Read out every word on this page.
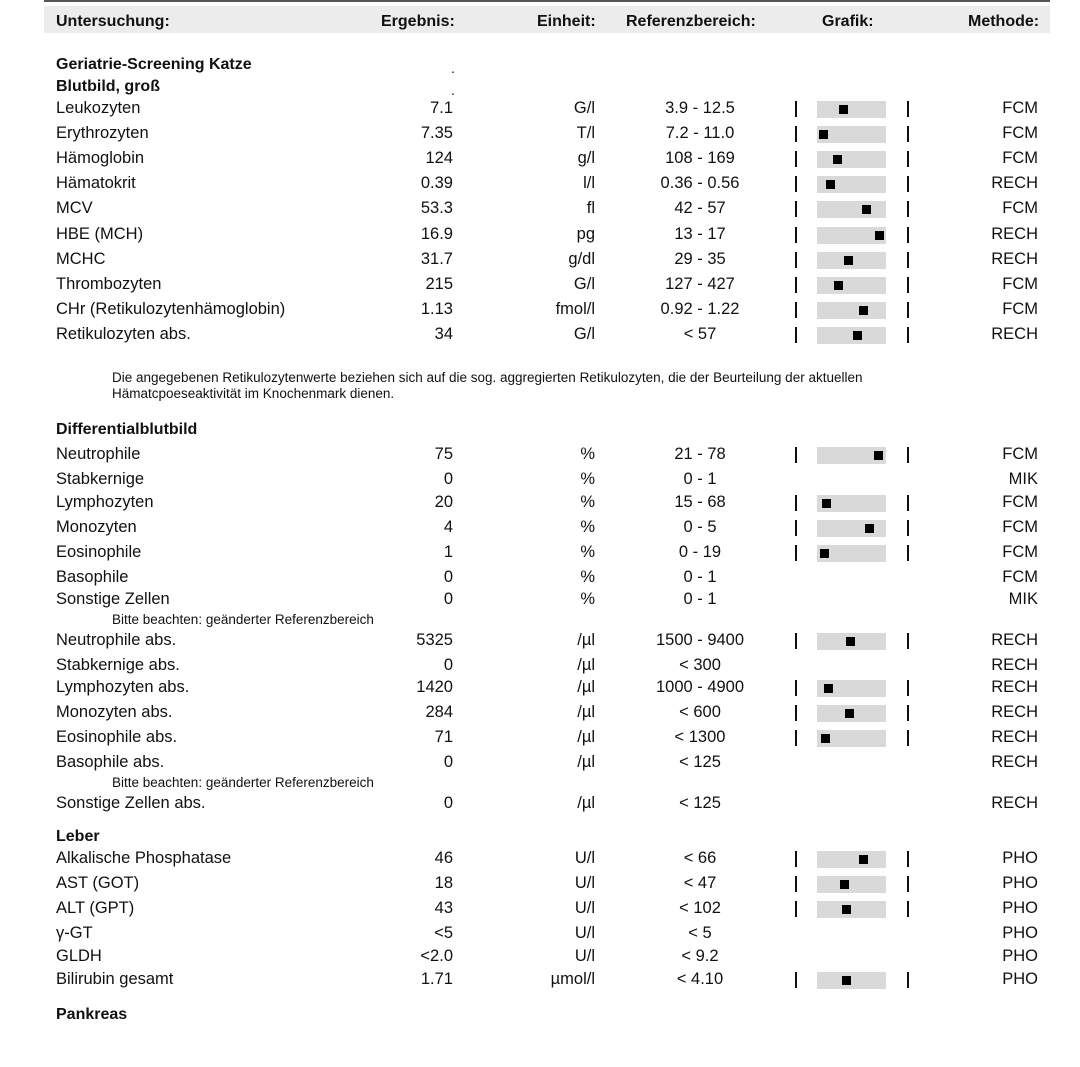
Untersuchung:	Ergebnis:	Einheit: Referenzbereich:	Grafik:	Methode:
Geriatrie-Screening Katze	.
Blutbild, groß	.
Leukozyten	7.1	G/l	3.9 - 12.5	FCM
Erythrozyten	7.35	T/l	7.2 - 11.0	FCM
Hämoglobin	124	g/l	108 - 169	FCM
Hämatokrit	0.39	l/l	0.36 - 0.56	RECH
MCV	53.3	fl	42 - 57	FCM
HBE (MCH)	16.9	pg	13 - 17	RECH
MCHC	31.7	g/dl	29 - 35	RECH
Thrombozyten	215	G/l	127 - 427	FCM
CHr (Retikulozytenhämoglobin)	1.13	fmol/l	0.92 - 1.22	FCM
Retikulozyten abs.	34	G/l	< 57	RECH
Neutrophile	75	%	21 - 78	FCM
Stabkernige	0	%	0 - 1	MIK
Lymphozyten	20	%	15 - 68	FCM
Monozyten	4	%	0 - 5	FCM
Eosinophile	1	%	0 - 19	FCM
Basophile	0	%	0 - 1	FCM
Sonstige Zellen	0	%	0 - 1	MIK
Neutrophile abs.	5325	/µl	1500 - 9400	RECH
Stabkernige abs.	0	/µl	< 300	RECH
Lymphozyten abs.	1420	/µl	1000 - 4900	RECH
Monozyten abs.	284	/µl	< 600	RECH
Eosinophile abs.	71	/µl	< 1300	RECH
Basophile abs.	0	/µl	< 125	RECH
Sonstige Zellen abs.	0	/µl	< 125	RECH
Alkalische Phosphatase	46	U/l	< 66	PHO
AST (GOT)	18	U/l	< 47	PHO
ALT (GPT)	43	U/l	< 102	PHO
γ-GT	<5	U/l	< 5	PHO
GLDH	<2.0	U/l	< 9.2	PHO
Bilirubin gesamt	1.71	µmol/l	< 4.10	PHO
Die angegebenen Retikulozytenwerte beziehen sich auf die sog. aggregierten Retikulozyten, die der Beurteilung der aktuellen
Hämatcpoeseaktivität im Knochenmark dienen.
Differentialblutbild
Bitte beachten: geänderter Referenzbereich
Bitte beachten: geänderter Referenzbereich
Leber
Pankreas
